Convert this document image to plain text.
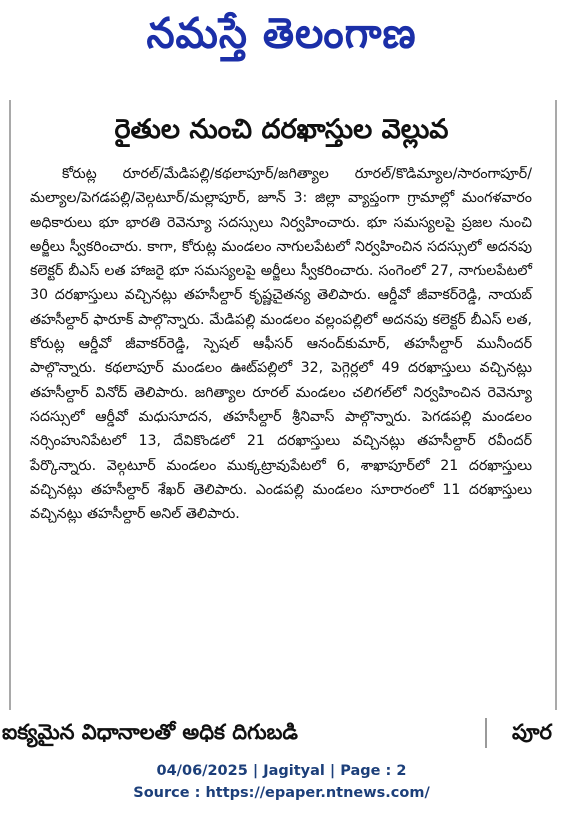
నమస్తే తెలంగాణ
రైతుల నుంచి దరఖాస్తుల వెల్లువ

కోరుట్ల రూరల్/మేడిపల్లి/కథలాపూర్/జగిత్యాల రూరల్/కొడిమ్యాల/సారంగాపూర్/మల్యాల/పెగడపల్లి/వెల్గటూర్/మల్లాపూర్, జూన్ 3: జిల్లా వ్యాప్తంగా గ్రామాల్లో మంగళవారం అధికారులు భూ భారతి రెవెన్యూ సదస్సులు నిర్వహించారు. భూ సమస్యలపై ప్రజల నుంచి అర్జీలు స్వీకరించారు. కాగా, కోరుట్ల మండలం నాగులపేటలో నిర్వహించిన సదస్సులో అదనపు కలెక్టర్ బీఎస్ లత హాజరై భూ సమస్యలపై అర్జీలు స్వీకరించారు. సంగెంలో 27, నాగులపేటలో 30 దరఖాస్తులు వచ్చినట్లు తహసీల్దార్ కృష్ణచైతన్య తెలిపారు. ఆర్డీవో జీవాకర్‌రెడ్డి, నాయబ్ తహసీల్దార్ ఫారూక్ పాల్గొన్నారు. మేడిపల్లి మండలం వల్లంపల్లిలో అదనపు కలెక్టర్ బీఎస్ లత, కోరుట్ల ఆర్డీవో జీవాకర్‌రెడ్డి, స్పెషల్ ఆఫీసర్ ఆనంద్‌కుమార్, తహసీల్దార్ మునీందర్ పాల్గొన్నారు. కథలాపూర్ మండలం ఊట్‌పల్లిలో 32, పెగ్గెర్లలో 49 దరఖాస్తులు వచ్చినట్లు తహసీల్దార్ వినోద్ తెలిపారు. జగిత్యాల రూరల్ మండలం చలిగల్‌లో నిర్వహించిన రెవెన్యూ సదస్సులో ఆర్డీవో మధుసూదన, తహసీల్దార్ శ్రీనివాస్ పాల్గొన్నారు. పెగడపల్లి మండలం నర్సింహునిపేటలో 13, దేవికొండలో 21 దరఖాస్తులు వచ్చినట్లు తహసీల్దార్ రవీందర్ పేర్కొన్నారు. వెల్గటూర్ మండలం ముక్కట్రావుపేటలో 6, శాఖాపూర్‌లో 21 దరఖాస్తులు వచ్చినట్లు తహసీల్దార్ శేఖర్ తెలిపారు. ఎండపల్లి మండలం సూరారంలో 11 దరఖాస్తులు వచ్చినట్లు తహసీల్దార్ అనిల్ తెలిపారు.

ఐక్యమైన విధానాలతో అధిక దిగుబడి	పూర
04/06/2025 | Jagityal | Page : 2
Source : https://epaper.ntnews.com/
